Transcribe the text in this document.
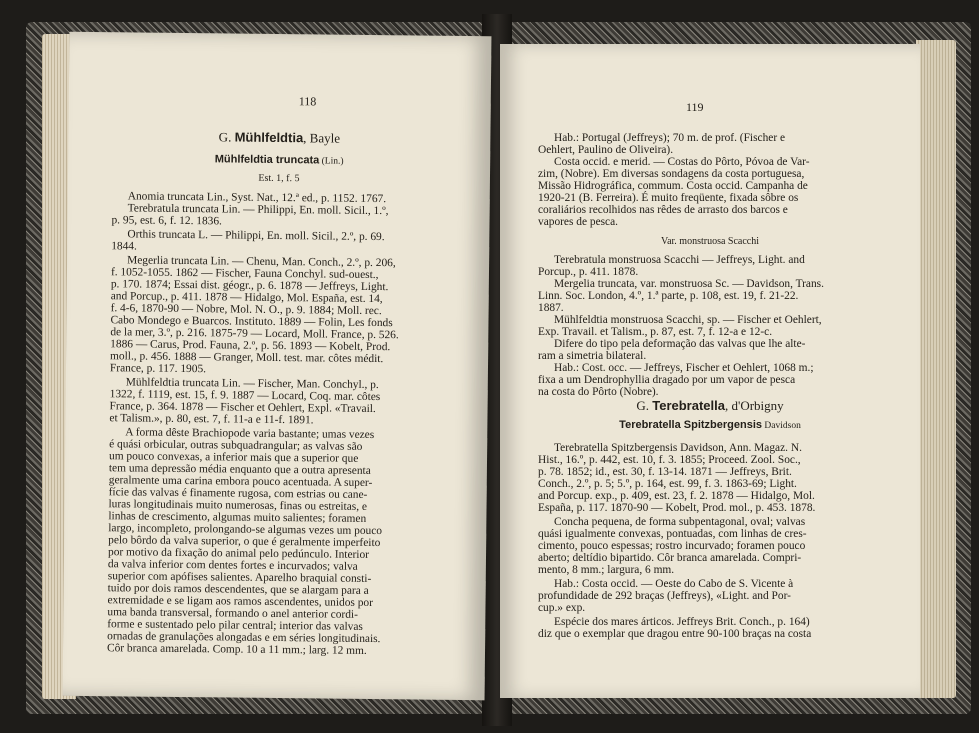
118
G. Mühlfeldtia, Bayle
Mühlfeldtia truncata (Lin.)
Est. 1, f. 5
Anomia truncata Lin., Syst. Nat., 12.ª ed., p. 1152. 1767.
Terebratula truncata Lin. — Philippi, En. moll. Sicil., 1.º,
p. 95, est. 6, f. 12. 1836.
Orthis truncata L. — Philippi, En. moll. Sicil., 2.º, p. 69.
1844.
Megerlia truncata Lin. — Chenu, Man. Conch., 2.º, p. 206,
f. 1052-1055. 1862 — Fischer, Fauna Conchyl. sud-ouest.,
p. 170. 1874; Essai dist. géogr., p. 6. 1878 — Jeffreys, Light.
and Porcup., p. 411. 1878 — Hidalgo, Mol. España, est. 14,
f. 4-6, 1870-90 — Nobre, Mol. N. O., p. 9. 1884; Moll. rec.
Cabo Mondego e Buarcos. Instituto. 1889 — Folin, Les fonds
de la mer, 3.º, p. 216. 1875-79 — Locard, Moll. France, p. 526.
1886 — Carus, Prod. Fauna, 2.º, p. 56. 1893 — Kobelt, Prod.
moll., p. 456. 1888 — Granger, Moll. test. mar. côtes médit.
France, p. 117. 1905.
Mühlfeldtia truncata Lin. — Fischer, Man. Conchyl., p.
1322, f. 1119, est. 15, f. 9. 1887 — Locard, Coq. mar. côtes
France, p. 364. 1878 — Fischer et Oehlert, Expl. «Travail.
et Talism.», p. 80, est. 7, f. 11-a e 11-f. 1891.
A forma dêste Brachiopode varia bastante; umas vezes
é quási orbicular, outras subquadrangular; as valvas são
um pouco convexas, a inferior mais que a superior que
tem uma depressão média enquanto que a outra apresenta
geralmente uma carina embora pouco acentuada. A super-
fície das valvas é finamente rugosa, com estrias ou cane-
luras longitudinais muito numerosas, finas ou estreitas, e
linhas de crescimento, algumas muito salientes; foramen
largo, incompleto, prolongando-se algumas vezes um pouco
pelo bôrdo da valva superior, o que é geralmente imperfeito
por motivo da fixação do animal pelo pedúnculo. Interior
da valva inferior com dentes fortes e incurvados; valva
superior com apófises salientes. Aparelho braquial consti-
tuido por dois ramos descendentes, que se alargam para a
extremidade e se ligam aos ramos ascendentes, unidos por
uma banda transversal, formando o anel anterior cordi-
forme e sustentado pelo pilar central; interior das valvas
ornadas de granulações alongadas e em séries longitudinais.
Côr branca amarelada. Comp. 10 a 11 mm.; larg. 12 mm.
119
Hab.: Portugal (Jeffreys); 70 m. de prof. (Fischer e
Oehlert, Paulino de Oliveira).
Costa occid. e merid. — Costas do Pôrto, Póvoa de Var-
zim, (Nobre). Em diversas sondagens da costa portuguesa,
Missão Hidrográfica, commum. Costa occid. Campanha de
1920-21 (B. Ferreira). É muito freqüente, fixada sôbre os
coraliários recolhidos nas rêdes de arrasto dos barcos e
vapores de pesca.
Var. monstruosa Scacchi
Terebratula monstruosa Scacchi — Jeffreys, Light. and
Porcup., p. 411. 1878.
Mergelia truncata, var. monstruosa Sc. — Davidson, Trans.
Linn. Soc. London, 4.º, 1.ª parte, p. 108, est. 19, f. 21-22.
1887.
Mühlfeldtia monstruosa Scacchi, sp. — Fischer et Oehlert,
Exp. Travail. et Talism., p. 87, est. 7, f. 12-a e 12-c.
Difere do tipo pela deformação das valvas que lhe alte-
ram a simetria bilateral.
Hab.: Cost. occ. — Jeffreys, Fischer et Oehlert, 1068 m.;
fixa a um Dendrophyllia dragado por um vapor de pesca
na costa do Pôrto (Nobre).
G. Terebratella, d'Orbigny
Terebratella Spitzbergensis Davidson
Terebratella Spitzbergensis Davidson, Ann. Magaz. N.
Hist., 16.º, p. 442, est. 10, f. 3. 1855; Proceed. Zool. Soc.,
p. 78. 1852; id., est. 30, f. 13-14. 1871 — Jeffreys, Brit.
Conch., 2.º, p. 5; 5.º, p. 164, est. 99, f. 3. 1863-69; Light.
and Porcup. exp., p. 409, est. 23, f. 2. 1878 — Hidalgo, Mol.
España, p. 117. 1870-90 — Kobelt, Prod. mol., p. 453. 1878.
Concha pequena, de forma subpentagonal, oval; valvas
quási igualmente convexas, pontuadas, com linhas de cres-
cimento, pouco espessas; rostro incurvado; foramen pouco
aberto; deltídio bipartido. Côr branca amarelada. Compri-
mento, 8 mm.; largura, 6 mm.
Hab.: Costa occid. — Oeste do Cabo de S. Vicente à
profundidade de 292 braças (Jeffreys), «Light. and Por-
cup.» exp.
Espécie dos mares árticos. Jeffreys Brit. Conch., p. 164)
diz que o exemplar que dragou entre 90-100 braças na costa
